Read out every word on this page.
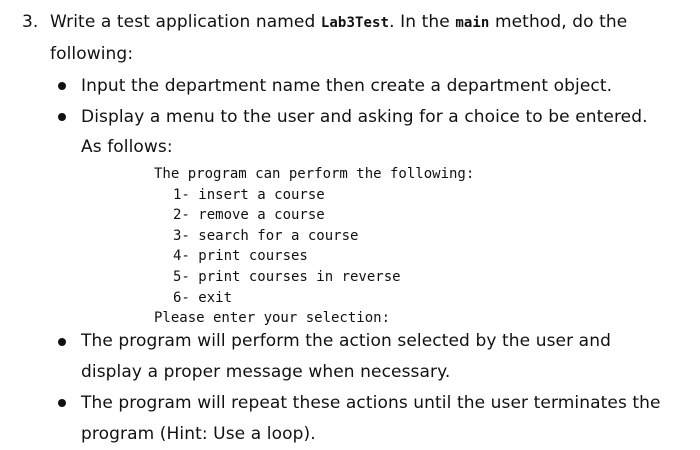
3. Write a test application named Lab3Test. In the main method, do the
following:
Input the department name then create a department object.
Display a menu to the user and asking for a choice to be entered.
As follows:
The program can perform the following:
1- insert a course
2- remove a course
3- search for a course
4- print courses
5- print courses in reverse
6- exit
Please enter your selection:
The program will perform the action selected by the user and
display a proper message when necessary.
The program will repeat these actions until the user terminates the
program (Hint: Use a loop).
